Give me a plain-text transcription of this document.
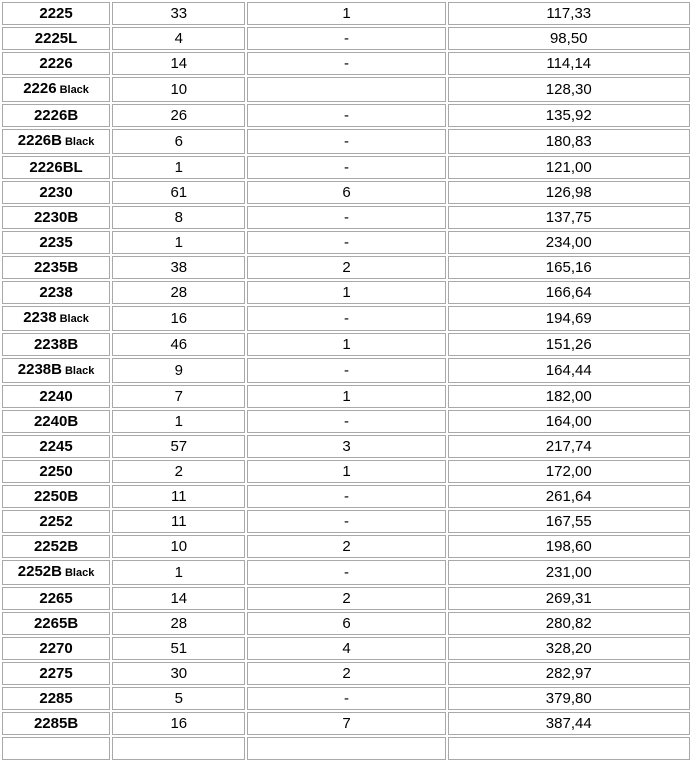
2225	33	1	117,33
2225L	4	-	98,50
2226	14	-	114,14
2226 Black	10		128,30
2226B	26	-	135,92
2226B Black	6	-	180,83
2226BL	1	-	121,00
2230	61	6	126,98
2230B	8	-	137,75
2235	1	-	234,00
2235B	38	2	165,16
2238	28	1	166,64
2238 Black	16	-	194,69
2238B	46	1	151,26
2238B Black	9	-	164,44
2240	7	1	182,00
2240B	1	-	164,00
2245	57	3	217,74
2250	2	1	172,00
2250B	11	-	261,64
2252	11	-	167,55
2252B	10	2	198,60
2252B Black	1	-	231,00
2265	14	2	269,31
2265B	28	6	280,82
2270	51	4	328,20
2275	30	2	282,97
2285	5	-	379,80
2285B	16	7	387,44
